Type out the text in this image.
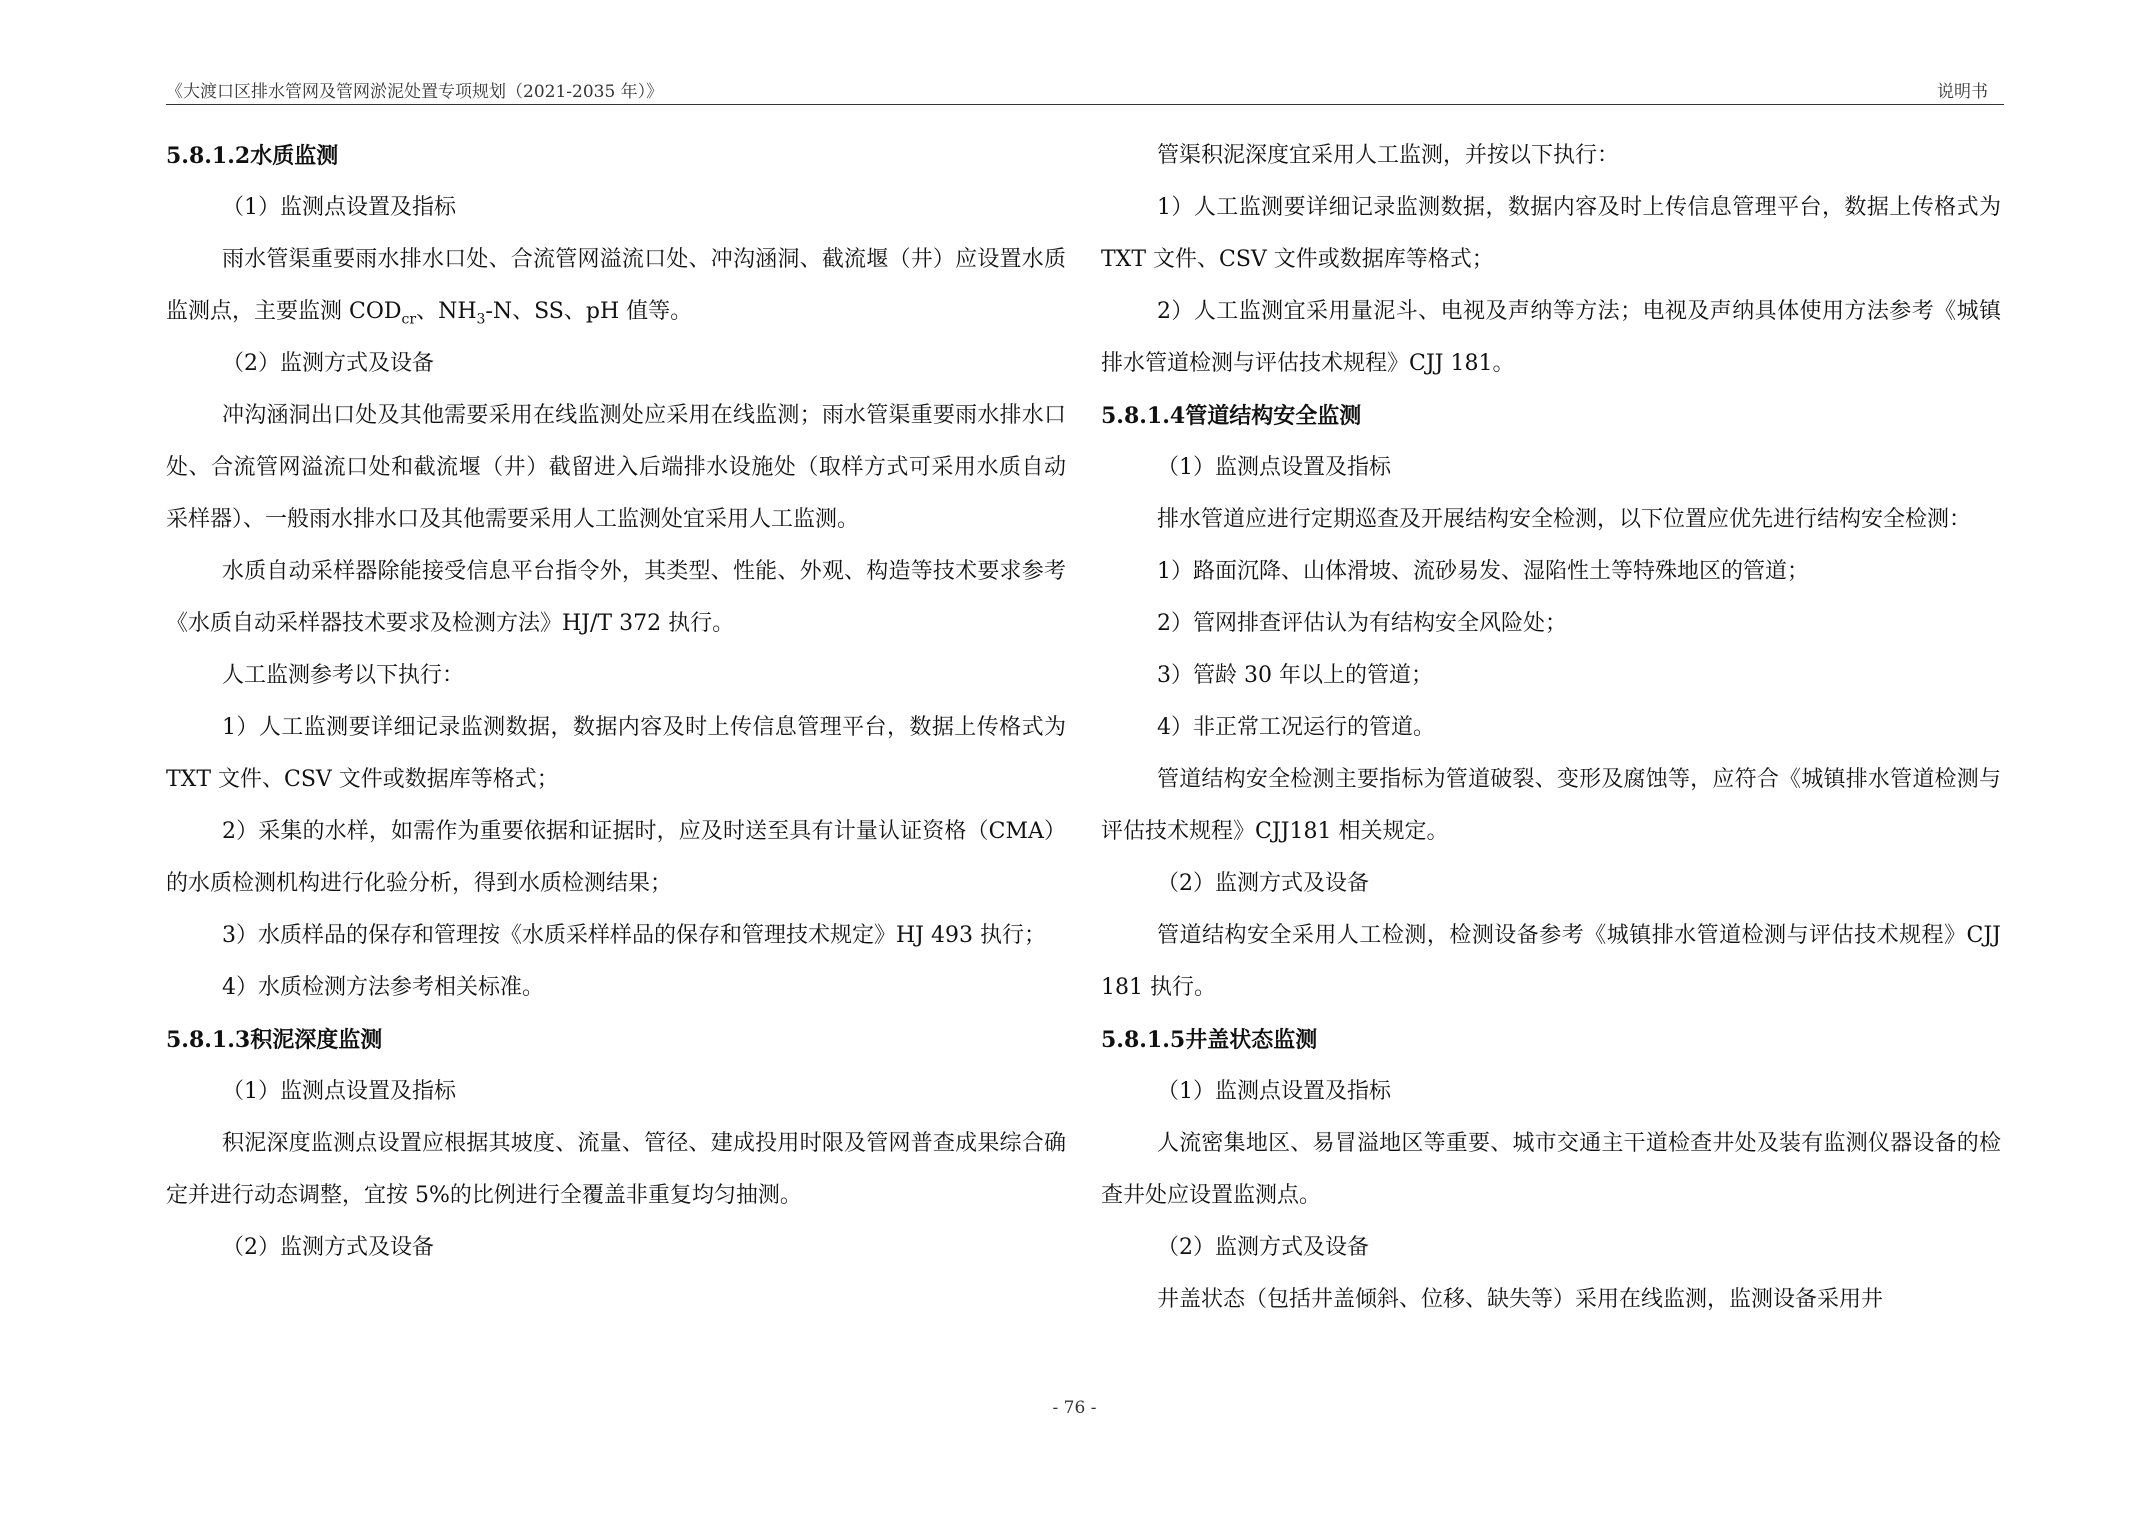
《大渡口区排水管网及管网淤泥处置专项规划（2021-2035 年）》	说明书

5.8.1.2水质监测

（1）监测点设置及指标

雨水管渠重要雨水排水口处、合流管网溢流口处、冲沟涵洞、截流堰（井）应设置水质监测点，主要监测 $COD_{cr}$、$NH_3-N$、SS、pH 值等。

（2）监测方式及设备

冲沟涵洞出口处及其他需要采用在线监测处应采用在线监测；雨水管渠重要雨水排水口处、合流管网溢流口处和截流堰（井）截留进入后端排水设施处（取样方式可采用水质自动采样器）、一般雨水排水口及其他需要采用人工监测处宜采用人工监测。

水质自动采样器除能接受信息平台指令外，其类型、性能、外观、构造等技术要求参考《水质自动采样器技术要求及检测方法》HJ/T 372 执行。

人工监测参考以下执行：

1）人工监测要详细记录监测数据，数据内容及时上传信息管理平台，数据上传格式为 TXT 文件、CSV 文件或数据库等格式；

2）采集的水样，如需作为重要依据和证据时，应及时送至具有计量认证资格（CMA）的水质检测机构进行化验分析，得到水质检测结果；

3）水质样品的保存和管理按《水质采样样品的保存和管理技术规定》HJ 493 执行；

4）水质检测方法参考相关标准。

5.8.1.3积泥深度监测

（1）监测点设置及指标

积泥深度监测点设置应根据其坡度、流量、管径、建成投用时限及管网普查成果综合确定并进行动态调整，宜按 5%的比例进行全覆盖非重复均匀抽测。

（2）监测方式及设备

管渠积泥深度宜采用人工监测，并按以下执行：

1）人工监测要详细记录监测数据，数据内容及时上传信息管理平台，数据上传格式为 TXT 文件、CSV 文件或数据库等格式；

2）人工监测宜采用量泥斗、电视及声纳等方法；电视及声纳具体使用方法参考《城镇排水管道检测与评估技术规程》CJJ 181。

5.8.1.4管道结构安全监测

（1）监测点设置及指标

排水管道应进行定期巡查及开展结构安全检测，以下位置应优先进行结构安全检测：

1）路面沉降、山体滑坡、流砂易发、湿陷性土等特殊地区的管道；

2）管网排查评估认为有结构安全风险处；

3）管龄 30 年以上的管道；

4）非正常工况运行的管道。

管道结构安全检测主要指标为管道破裂、变形及腐蚀等，应符合《城镇排水管道检测与评估技术规程》CJJ181 相关规定。

（2）监测方式及设备

管道结构安全采用人工检测，检测设备参考《城镇排水管道检测与评估技术规程》CJJ 181 执行。

5.8.1.5井盖状态监测

（1）监测点设置及指标

人流密集地区、易冒溢地区等重要、城市交通主干道检查井处及装有监测仪器设备的检查井处应设置监测点。

（2）监测方式及设备

井盖状态（包括井盖倾斜、位移、缺失等）采用在线监测，监测设备采用井

- 76 -
